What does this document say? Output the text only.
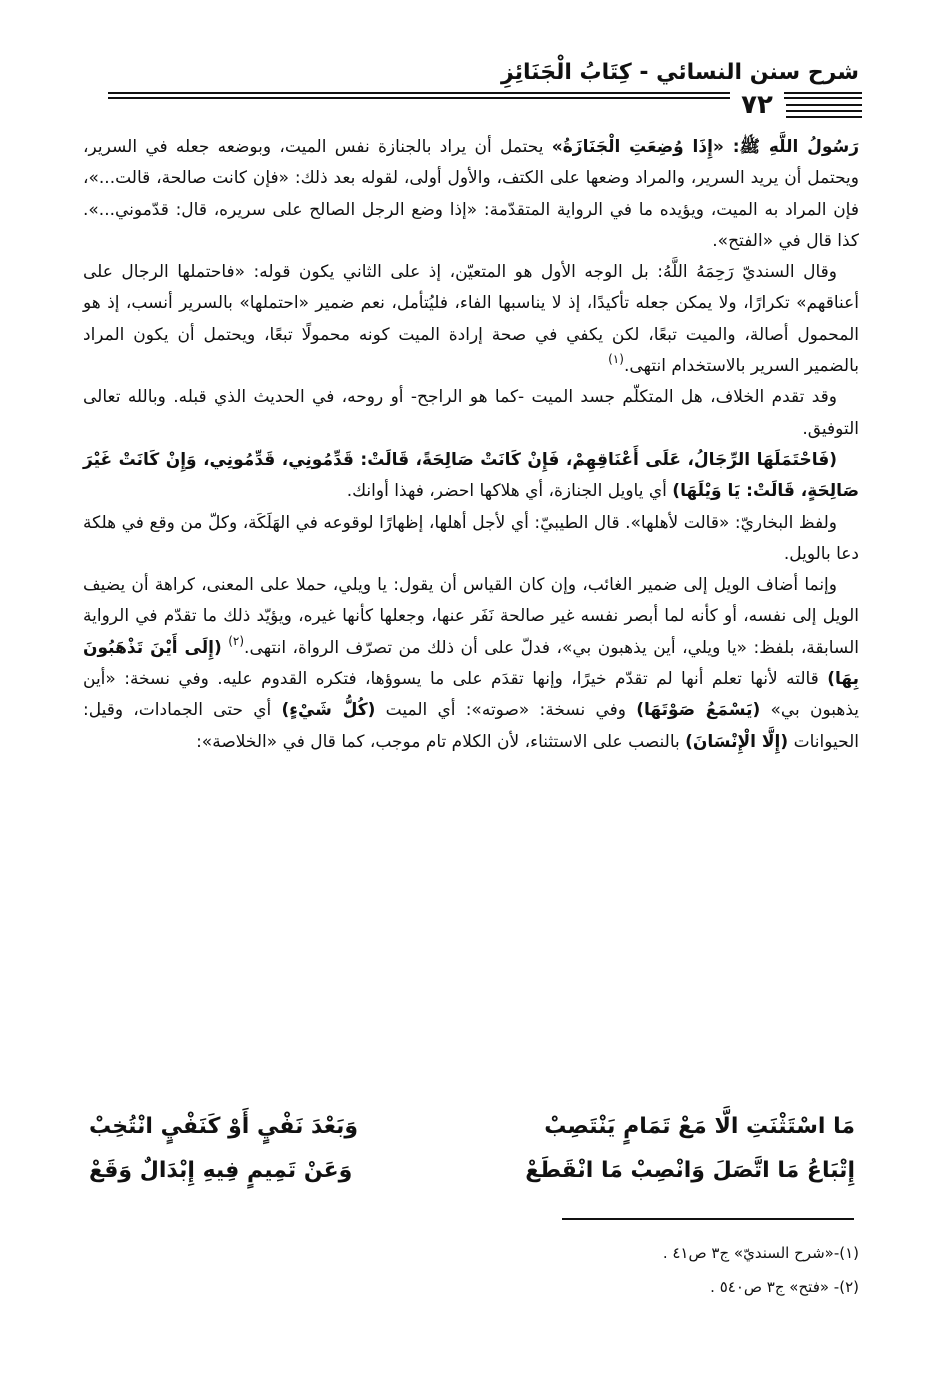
شرح سنن النسائي - كِتَابُ الْجَنَائِزِ
٧٢

رَسُولُ اللَّهِ ﷺ: «إِذَا وُضِعَتِ الْجَنَازَةُ» يحتمل أن يراد بالجنازة نفس الميت، وبوضعه جعله في السرير، ويحتمل أن يريد السرير، والمراد وضعها على الكتف، والأول أولى، لقوله بعد ذلك: «فإن كانت صالحة، قالت...»، فإن المراد به الميت، ويؤيده ما في الرواية المتقدّمة: «إذا وضع الرجل الصالح على سريره، قال: قدّموني...». كذا قال في «الفتح».

وقال السنديّ رَحِمَهُ اللَّهُ: بل الوجه الأول هو المتعيّن، إذ على الثاني يكون قوله: «فاحتملها الرجال على أعناقهم» تكرارًا، ولا يمكن جعله تأكيدًا، إذ لا يناسبها الفاء، فليُتأمل، نعم ضمير «احتملها» بالسرير أنسب، إذ هو المحمول أصالة، والميت تبعًا، لكن يكفي في صحة إرادة الميت كونه محمولًا تبعًا، ويحتمل أن يكون المراد بالضمير السرير بالاستخدام انتهى.$^{(١)}$

وقد تقدم الخلاف، هل المتكلّم جسد الميت -كما هو الراجح- أو روحه، في الحديث الذي قبله. وبالله تعالى التوفيق.

(فَاحْتَمَلَهَا الرِّجَالُ، عَلَى أَعْنَاقِهِمْ، فَإِنْ كَانَتْ صَالِحَةً، قَالَتْ: قَدِّمُونِي، قَدِّمُونِي، وَإِنْ كَانَتْ غَيْرَ صَالِحَةٍ، قَالَتْ: يَا وَيْلَهَا) أي ياويل الجنازة، أي هلاكها احضر، فهذا أوانك.

ولفظ البخاريّ: «قالت لأهلها». قال الطيبيّ: أي لأجل أهلها، إظهارًا لوقوعه في الهَلَكَة، وكلّ من وقع في هلكة دعا بالويل.

وإنما أضاف الويل إلى ضمير الغائب، وإن كان القياس أن يقول: يا ويلي، حملا على المعنى، كراهة أن يضيف الويل إلى نفسه، أو كأنه لما أبصر نفسه غير صالحة نَفَر عنها، وجعلها كأنها غيره، ويؤيّد ذلك ما تقدّم في الرواية السابقة، بلفظ: «يا ويلي، أين يذهبون بي»، فدلّ على أن ذلك من تصرّف الرواة، انتهى.$^{(٢)}$ (إِلَى أَيْنَ تَذْهَبُونَ بِهَا) قالته لأنها تعلم أنها لم تقدّم خيرًا، وإنها تقدَم على ما يسوؤها، فتكره القدوم عليه. وفي نسخة: «أين يذهبون بي» (يَسْمَعُ صَوْتَهَا) وفي نسخة: «صوته»: أي الميت (كُلُّ شَيْءٍ) أي حتى الجمادات، وقيل: الحيوانات (إِلَّا الْإِنْسَانَ) بالنصب على الاستثناء، لأن الكلام تام موجب، كما قال في «الخلاصة»:

مَا اسْتَثْنَتِ الَّا مَعْ تَمَامٍ يَنْتَصِبْ
وَبَعْدَ نَفْيٍ أَوْ كَنَفْيٍ انْتُخِبْ
إِتْبَاعُ مَا اتَّصَلَ وَانْصِبْ مَا انْقَطَعْ
وَعَنْ تَمِيمٍ فِيهِ إِبْدَالٌ وَقَعْ
(١)-«شرح السنديّ» ج٣ ص٤١ .
(٢)- «فتح» ج٣ ص٥٤٠ .
